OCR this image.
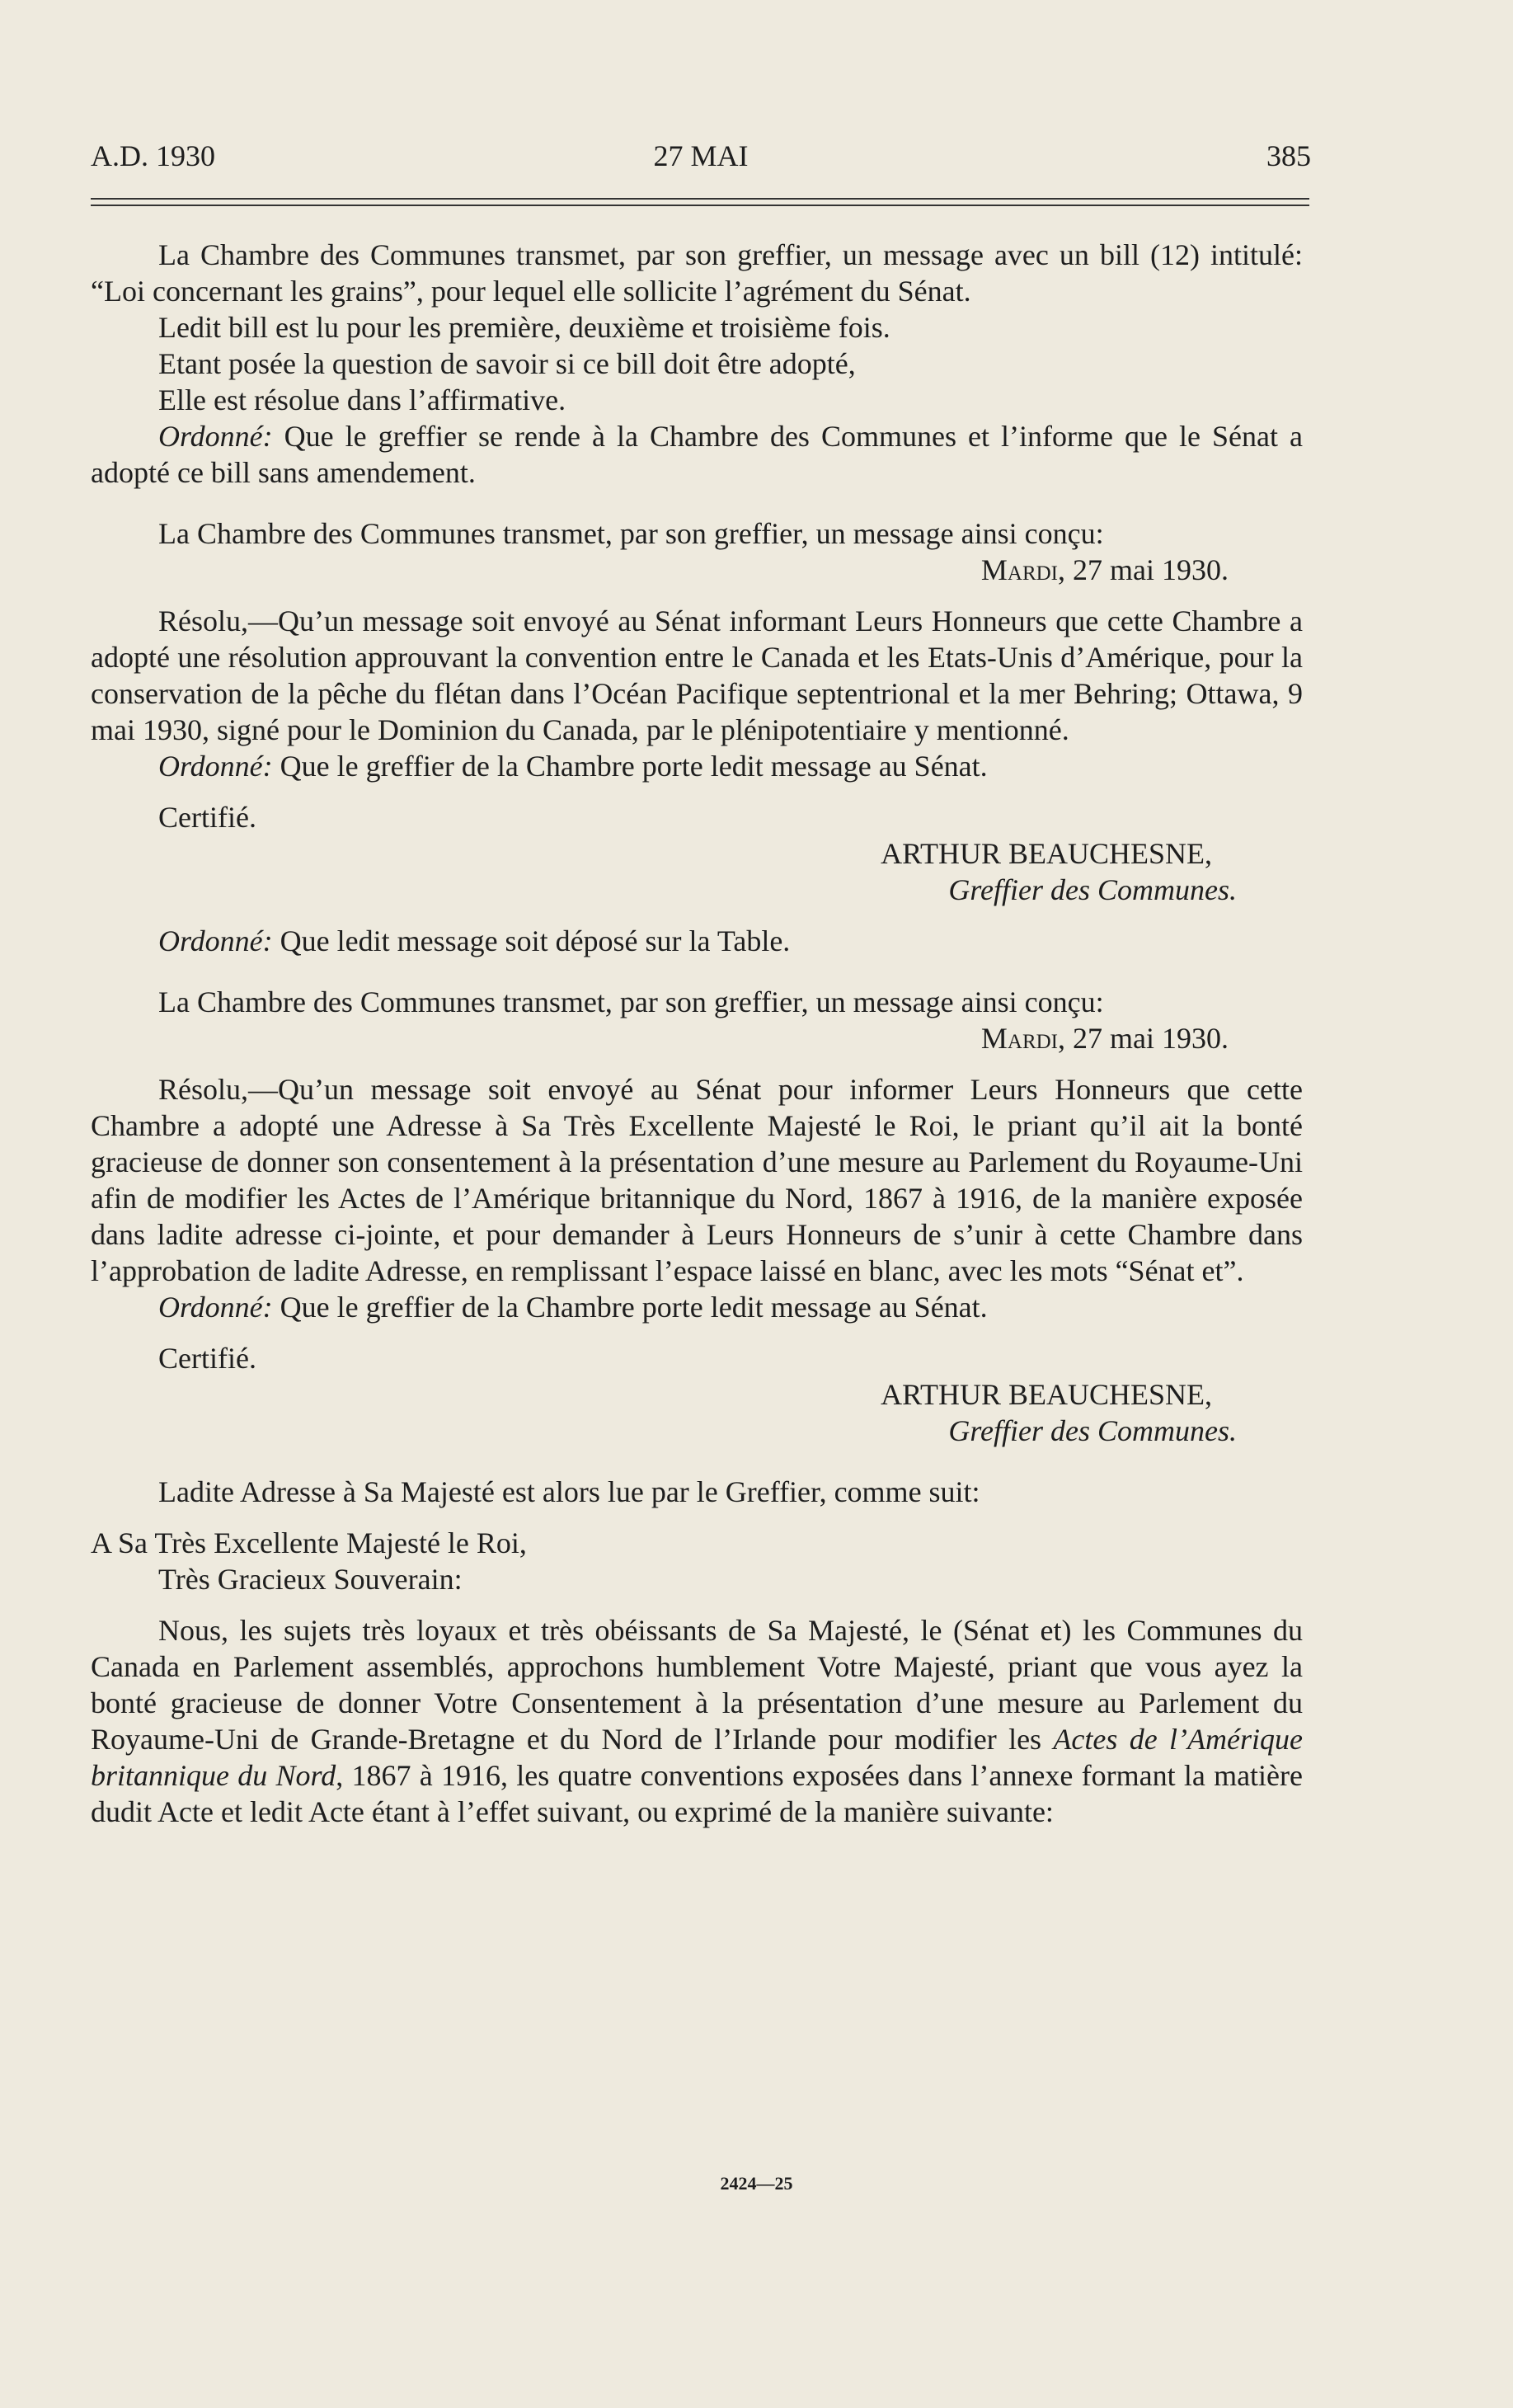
A.D. 1930	27 MAI	385

La Chambre des Communes transmet, par son greffier, un message avec un bill (12) intitulé: “Loi concernant les grains”, pour lequel elle sollicite l’agrément du Sénat.

Ledit bill est lu pour les première, deuxième et troisième fois.

Etant posée la question de savoir si ce bill doit être adopté,

Elle est résolue dans l’affirmative.

Ordonné: Que le greffier se rende à la Chambre des Communes et l’informe que le Sénat a adopté ce bill sans amendement.

La Chambre des Communes transmet, par son greffier, un message ainsi conçu:

Mardi, 27 mai 1930.

Résolu,—Qu’un message soit envoyé au Sénat informant Leurs Honneurs que cette Chambre a adopté une résolution approuvant la convention entre le Canada et les Etats-Unis d’Amérique, pour la conservation de la pêche du flétan dans l’Océan Pacifique septentrional et la mer Behring; Ottawa, 9 mai 1930, signé pour le Dominion du Canada, par le plénipotentiaire y mentionné.

Ordonné: Que le greffier de la Chambre porte ledit message au Sénat.

Certifié.

ARTHUR BEAUCHESNE,

Greffier des Communes.

Ordonné: Que ledit message soit déposé sur la Table.

La Chambre des Communes transmet, par son greffier, un message ainsi conçu:

Mardi, 27 mai 1930.

Résolu,—Qu’un message soit envoyé au Sénat pour informer Leurs Honneurs que cette Chambre a adopté une Adresse à Sa Très Excellente Majesté le Roi, le priant qu’il ait la bonté gracieuse de donner son consentement à la présentation d’une mesure au Parlement du Royaume-Uni afin de modifier les Actes de l’Amérique britannique du Nord, 1867 à 1916, de la manière exposée dans ladite adresse ci-jointe, et pour demander à Leurs Honneurs de s’unir à cette Chambre dans l’approbation de ladite Adresse, en remplissant l’espace laissé en blanc, avec les mots “Sénat et”.

Ordonné: Que le greffier de la Chambre porte ledit message au Sénat.

Certifié.

ARTHUR BEAUCHESNE,

Greffier des Communes.

Ladite Adresse à Sa Majesté est alors lue par le Greffier, comme suit:

A Sa Très Excellente Majesté le Roi,

Très Gracieux Souverain:

Nous, les sujets très loyaux et très obéissants de Sa Majesté, le (Sénat et) les Communes du Canada en Parlement assemblés, approchons humblement Votre Majesté, priant que vous ayez la bonté gracieuse de donner Votre Consentement à la présentation d’une mesure au Parlement du Royaume-Uni de Grande-Bretagne et du Nord de l’Irlande pour modifier les Actes de l’Amérique britannique du Nord, 1867 à 1916, les quatre conventions exposées dans l’annexe formant la matière dudit Acte et ledit Acte étant à l’effet suivant, ou exprimé de la manière suivante:

2424—25
